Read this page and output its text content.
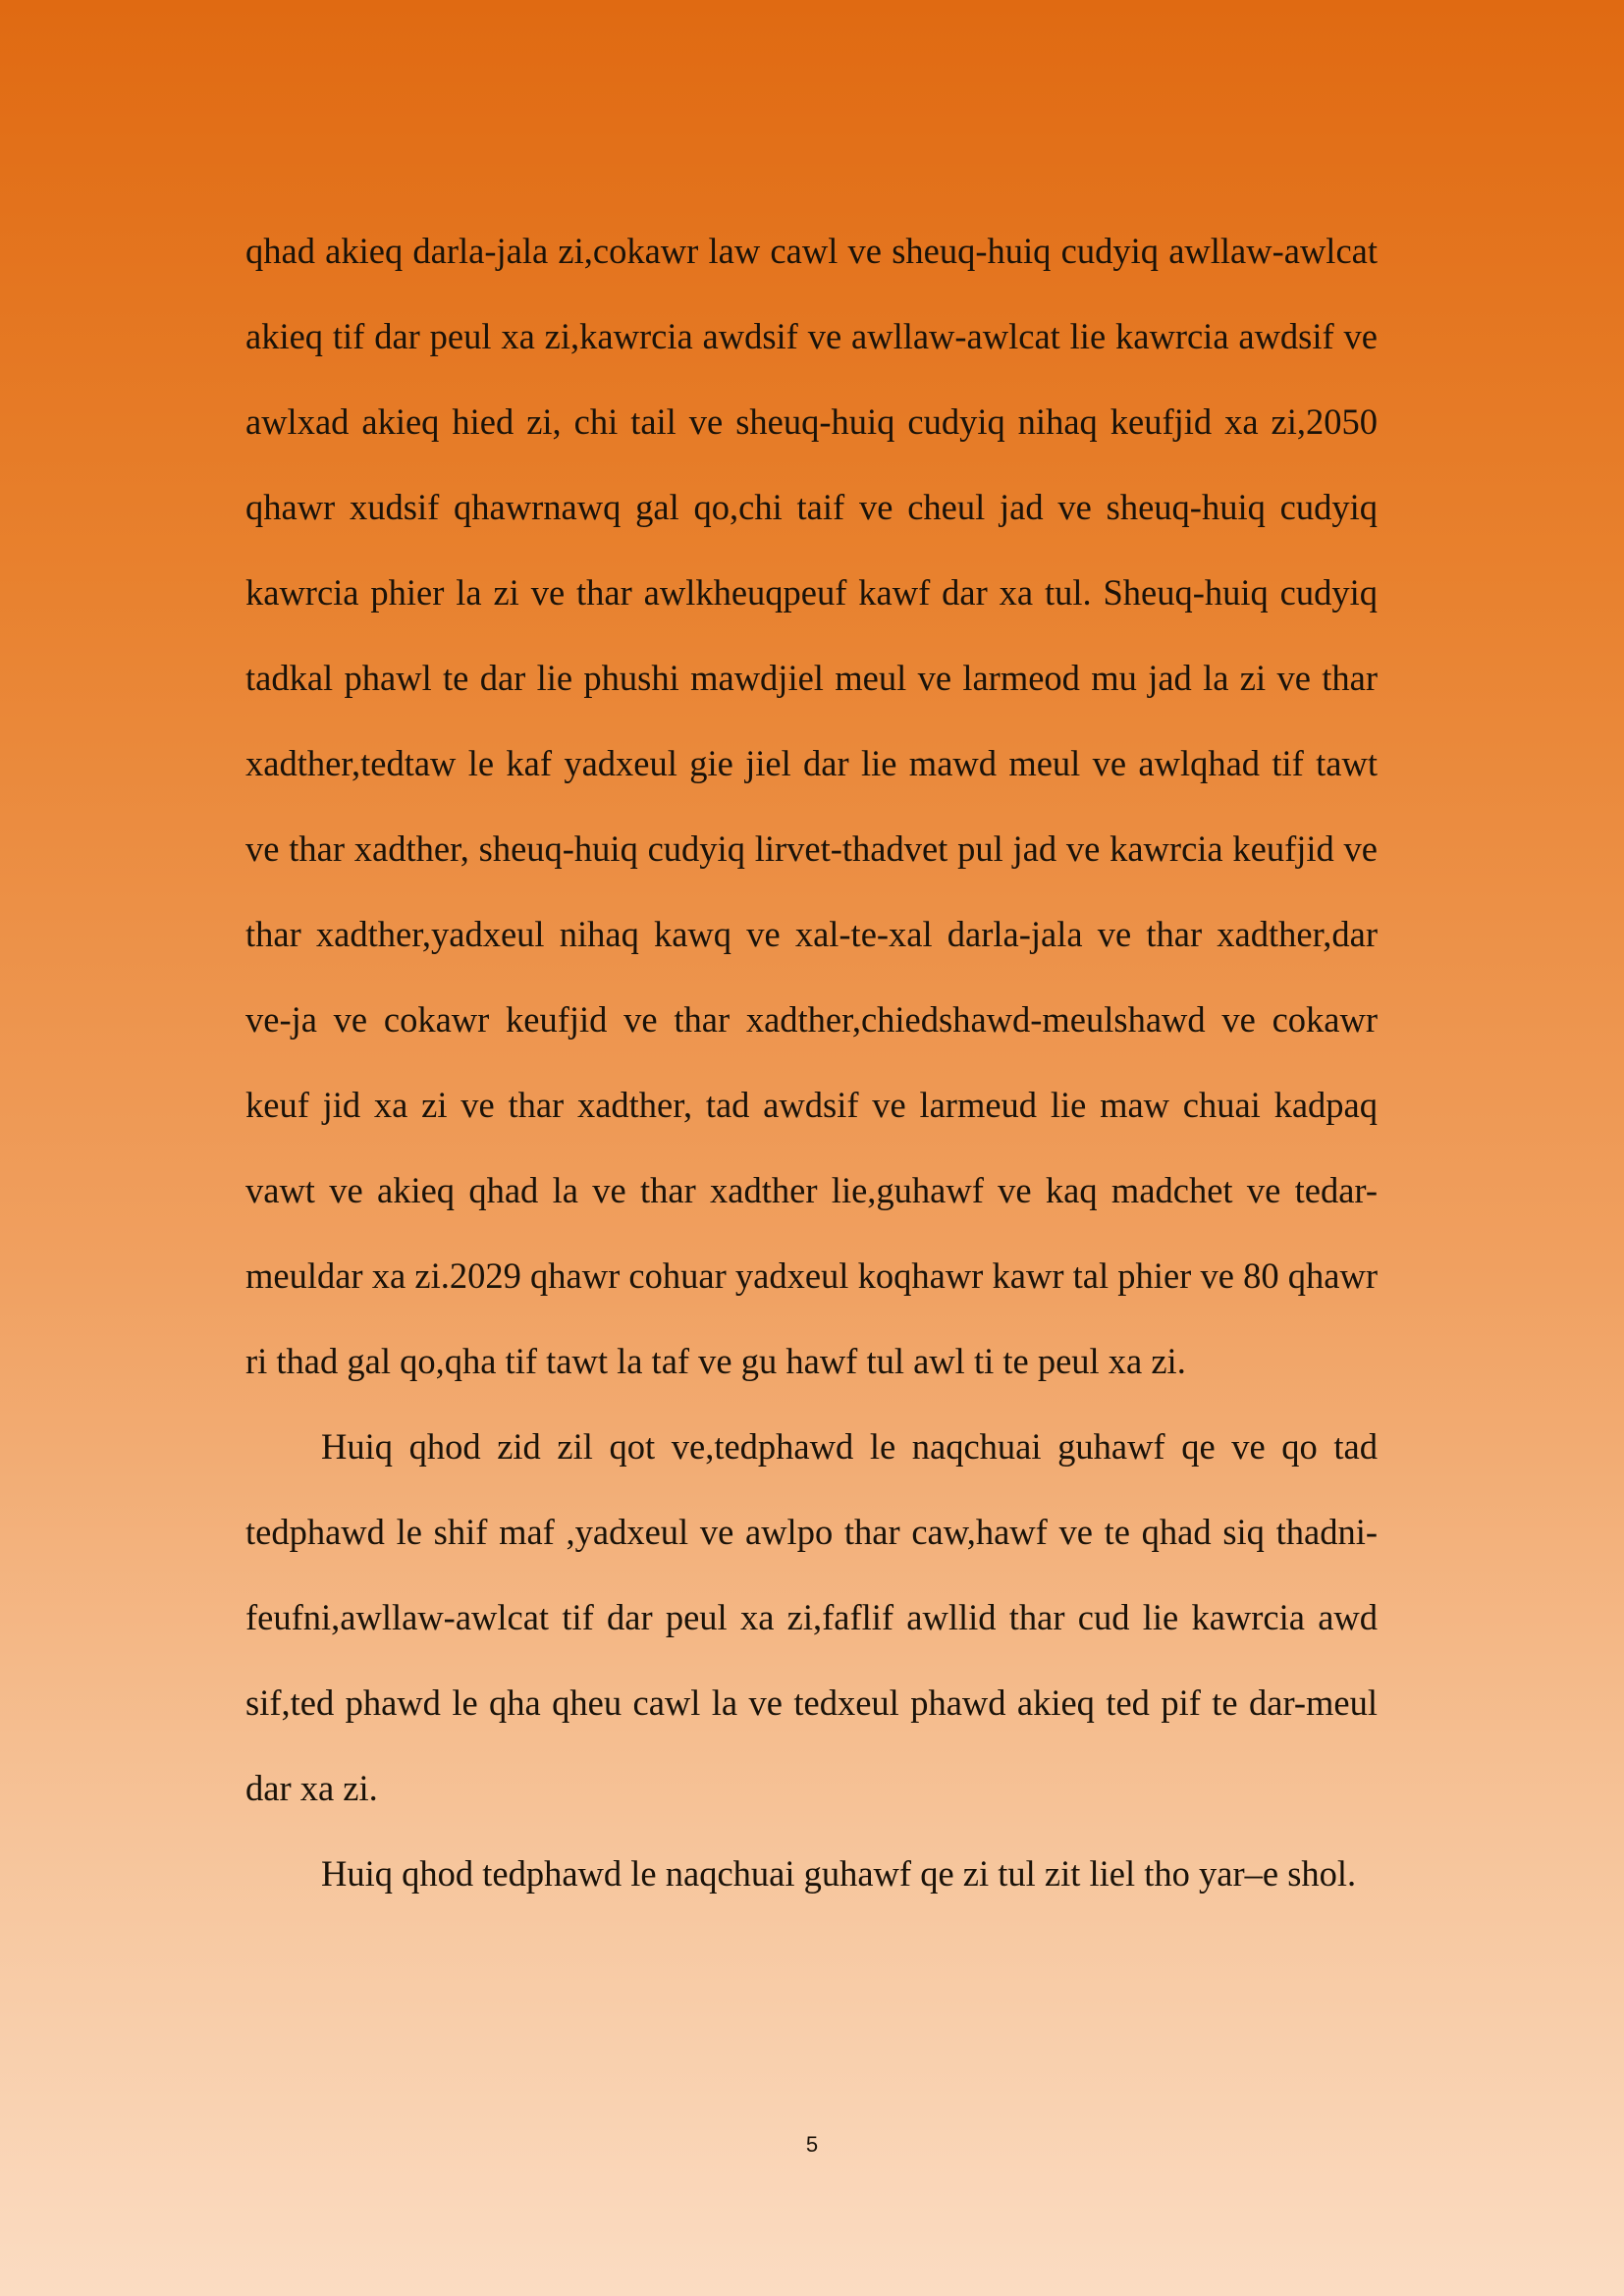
qhad akieq darla-jala zi,cokawr law cawl ve sheuq-huiq cudyiq awllaw-awlcat akieq tif dar peul xa zi,kawrcia awdsif ve awllaw-awlcat lie kawrcia awdsif ve awlxad akieq hied zi, chi tail ve sheuq-huiq cudyiq nihaq keufjid xa zi,2050 qhawr xudsif qhawrnawq gal qo,chi taif ve cheul jad ve sheuq-huiq cudyiq kawrcia phier la zi ve thar awlkheuqpeuf kawf dar xa tul. Sheuq-huiq cudyiq tadkal phawl te dar lie phushi mawdjiel meul ve larmeod mu jad la zi ve thar xadther,tedtaw le kaf yadxeul gie jiel dar lie mawd meul ve awlqhad tif tawt ve thar xadther, sheuq-huiq cudyiq lirvet-thadvet pul jad ve kawrcia keufjid ve thar xadther,yadxeul nihaq kawq ve xal-te-xal darla-jala ve thar xadther,dar ve-ja ve cokawr keufjid ve thar xadther,chiedshawd-meulshawd ve cokawr keuf jid xa zi ve thar xadther, tad awdsif ve larmeud lie maw chuai kadpaq vawt ve akieq qhad la ve thar xadther lie,guhawf ve kaq madchet ve tedar-meuldar xa zi.2029 qhawr cohuar yadxeul koqhawr kawr tal phier ve 80 qhawr ri thad gal qo,qha tif tawt la taf ve gu hawf tul awl ti te peul xa zi.

Huiq qhod zid zil qot ve,tedphawd le naqchuai guhawf qe ve qo tad tedphawd le shif maf ,yadxeul ve awlpo thar caw,hawf ve te qhad siq thadni-feufni,awllaw-awlcat tif dar peul xa zi,faflif awllid thar cud lie kawrcia awd sif,ted phawd le qha qheu cawl la ve tedxeul phawd akieq ted pif te dar-meul dar xa zi.

Huiq qhod tedphawd le naqchuai guhawf qe zi tul zit liel tho yar–e shol.

5
